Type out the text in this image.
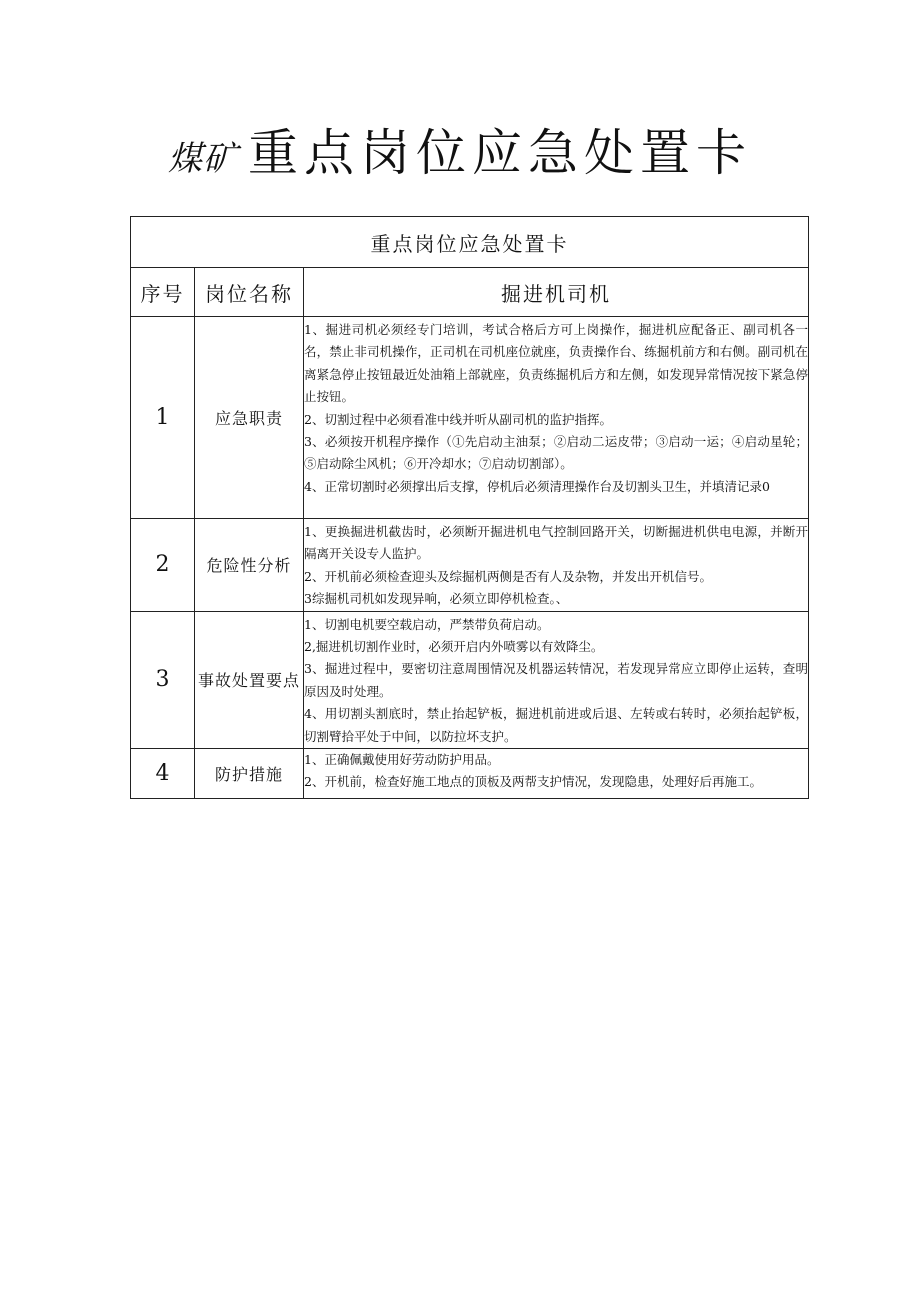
煤矿 重点岗位应急处置卡
重点岗位应急处置卡		
序号	岗位名称	掘进机司机
1	应急职责	1、掘进司机必须经专门培训，考试合格后方可上岗操作，掘进机应配备正、副司机各一名，禁止非司机操作，正司机在司机座位就座，负责操作台、练掘机前方和右侧。副司机在离紧急停止按钮最近处油箱上部就座，负责练掘机后方和左侧，如发现异常情况按下紧急停止按钮。

2、切割过程中必须看准中线并听从副司机的监护指挥。

3、必须按开机程序操作（①先启动主油泵；②启动二运皮带；③启动一运；④启动星轮；⑤启动除尘风机；⑥开冷却水；⑦启动切割部）。

4、正常切割时必须撑出后支撑，停机后必须清理操作台及切割头卫生，并填清记录0

2	危险性分析	1、更换掘进机截齿时，必须断开掘进机电气控制回路开关，切断掘进机供电电源，并断开隔离开关设专人监护。

2、开机前必须检查迎头及综掘机两侧是否有人及杂物，并发出开机信号。

3综掘机司机如发现异响，必须立即停机检查。、

3	事故处置要点	1、切割电机要空载启动，严禁带负荷启动。

2,掘进机切割作业时，必须开启内外喷雾以有效降尘。

3、掘进过程中，要密切注意周围情况及机器运转情况，若发现异常应立即停止运转，查明原因及时处理。

4、用切割头割底时，禁止抬起铲板，掘进机前进或后退、左转或右转时，必须抬起铲板，切割臂拾平处于中间，以防拉坏支护。

4	防护措施	1、正确佩戴使用好劳动防护用品。

2、开机前，检查好施工地点的顶板及两帮支护情况，发现隐患，处理好后再施工。
